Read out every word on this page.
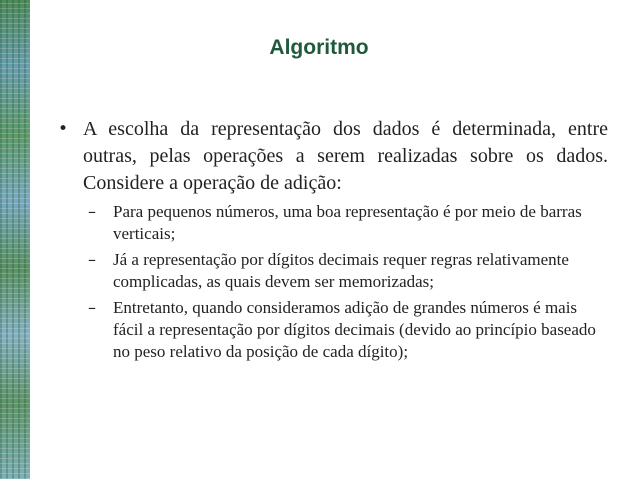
Algoritmo
• A escolha da representação dos dados é determinada, entre outras, pelas operações a serem realizadas sobre os dados. Considere a operação de adição:
– Para pequenos números, uma boa representação é por meio de barras verticais;
– Já a representação por dígitos decimais requer regras relativamente complicadas, as quais devem ser memorizadas;
– Entretanto, quando consideramos adição de grandes números é mais fácil a representação por dígitos decimais (devido ao princípio baseado no peso relativo da posição de cada dígito);
